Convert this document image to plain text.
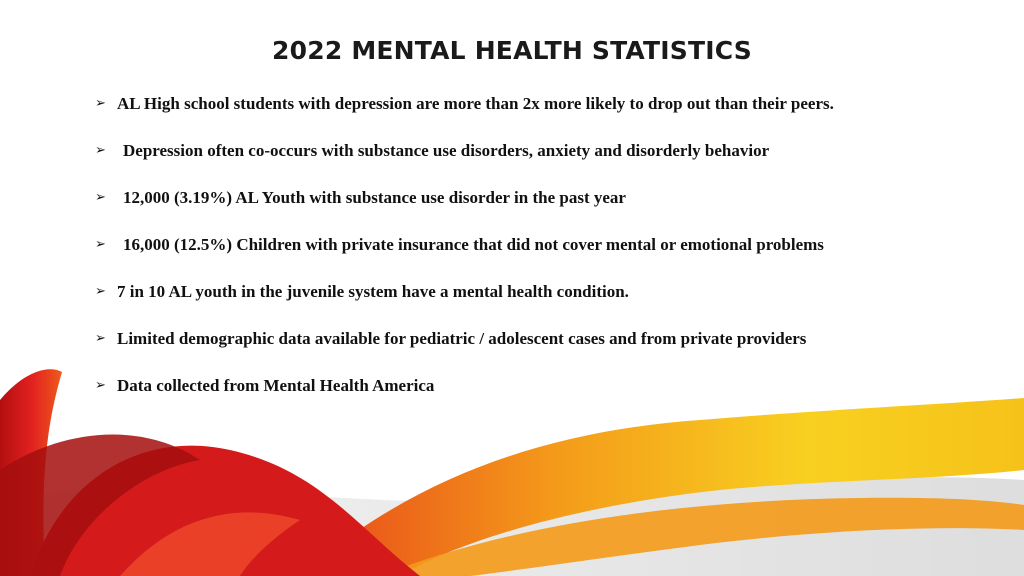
2022 MENTAL HEALTH STATISTICS
➢ AL High school students with depression are more than 2x more likely to drop out than their peers.
➢ Depression often co-occurs with substance use disorders, anxiety and disorderly behavior
➢ 12,000 (3.19%) AL Youth with substance use disorder in the past year
➢ 16,000 (12.5%) Children with private insurance that did not cover mental or emotional problems
➢ 7 in 10 AL youth in the juvenile system have a mental health condition.
➢ Limited demographic data available for pediatric / adolescent cases and from private providers
➢ Data collected from Mental Health America
